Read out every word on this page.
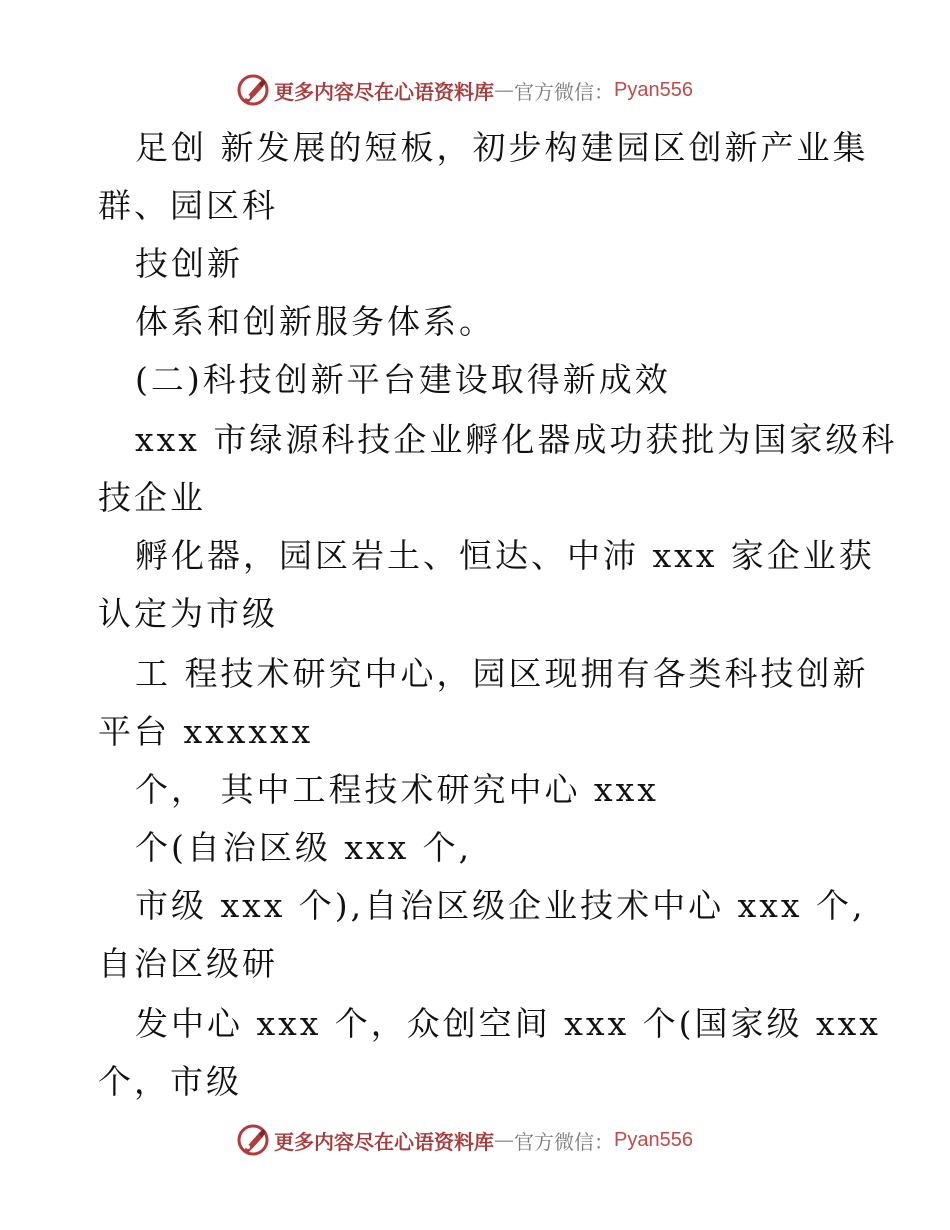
更多内容尽在心语资料库 — 官方微信： Pyan556
足创 新发展的短板，初步构建园区创新产业集
群、园区科
技创新
体系和创新服务体系。
(二)科技创新平台建设取得新成效
xxx 市绿源科技企业孵化器成功获批为国家级科
技企业
孵化器，园区岩土、恒达、中沛 xxx 家企业获
认定为市级
工 程技术研究中心，园区现拥有各类科技创新
平台 xxxxxx
个， 其中工程技术研究中心 xxx
个(自治区级 xxx 个,
市级 xxx 个),自治区级企业技术中心 xxx 个,
自治区级研
发中心 xxx 个，众创空间 xxx 个(国家级 xxx
个，市级
更多内容尽在心语资料库 — 官方微信： Pyan556
